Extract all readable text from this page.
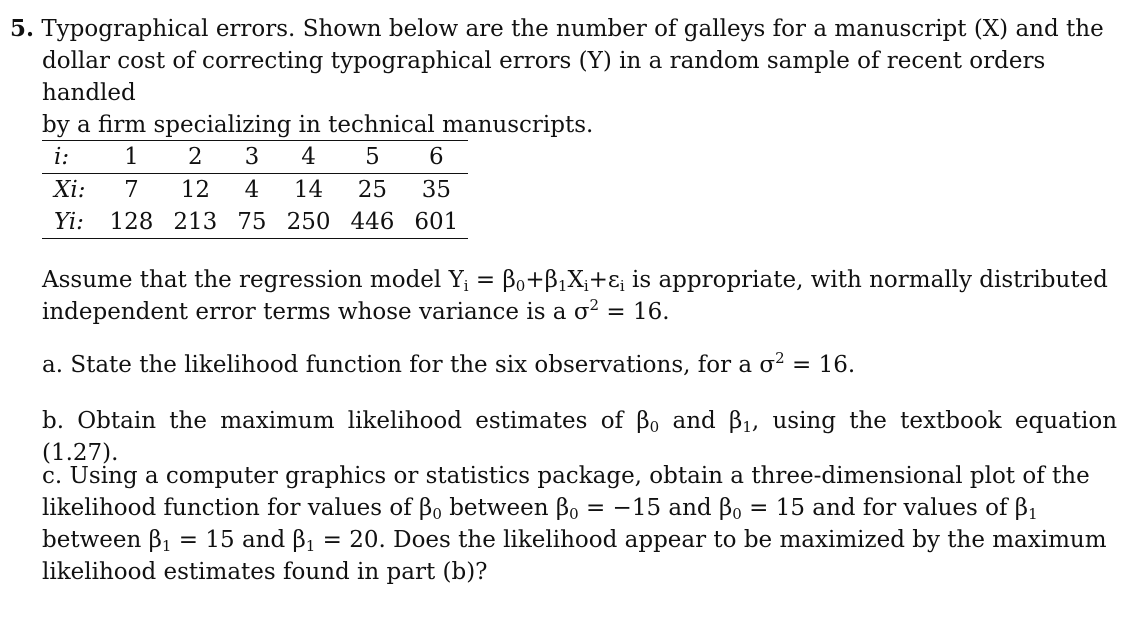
5. Typographical errors. Shown below are the number of galleys for a manuscript (X) and the
dollar cost of correcting typographical errors (Y) in a random sample of recent orders handled
by a firm specializing in technical manuscripts.
i:	1	2	3	4	5	6
Xi:	7	12	4	14	25	35
Yi:	128	213	75	250	446	601
Assume that the regression model $Y_i = \beta_0+\beta_1X_i+\varepsilon_i$ is appropriate, with normally distributed
independent error terms whose variance is a $\sigma^2 = 16$.
a. State the likelihood function for the six observations, for a $\sigma^2 = 16$.
b. Obtain the maximum likelihood estimates of $\beta_0$ and $\beta_1$, using the textbook equation (1.27).
c. Using a computer graphics or statistics package, obtain a three-dimensional plot of the
likelihood function for values of $\beta_0$ between $\beta_0 = -15$ and $\beta_0 = 15$ and for values of $\beta_1$
between $\beta_1 = 15$ and $\beta_1 = 20$. Does the likelihood appear to be maximized by the maximum
likelihood estimates found in part (b)?
